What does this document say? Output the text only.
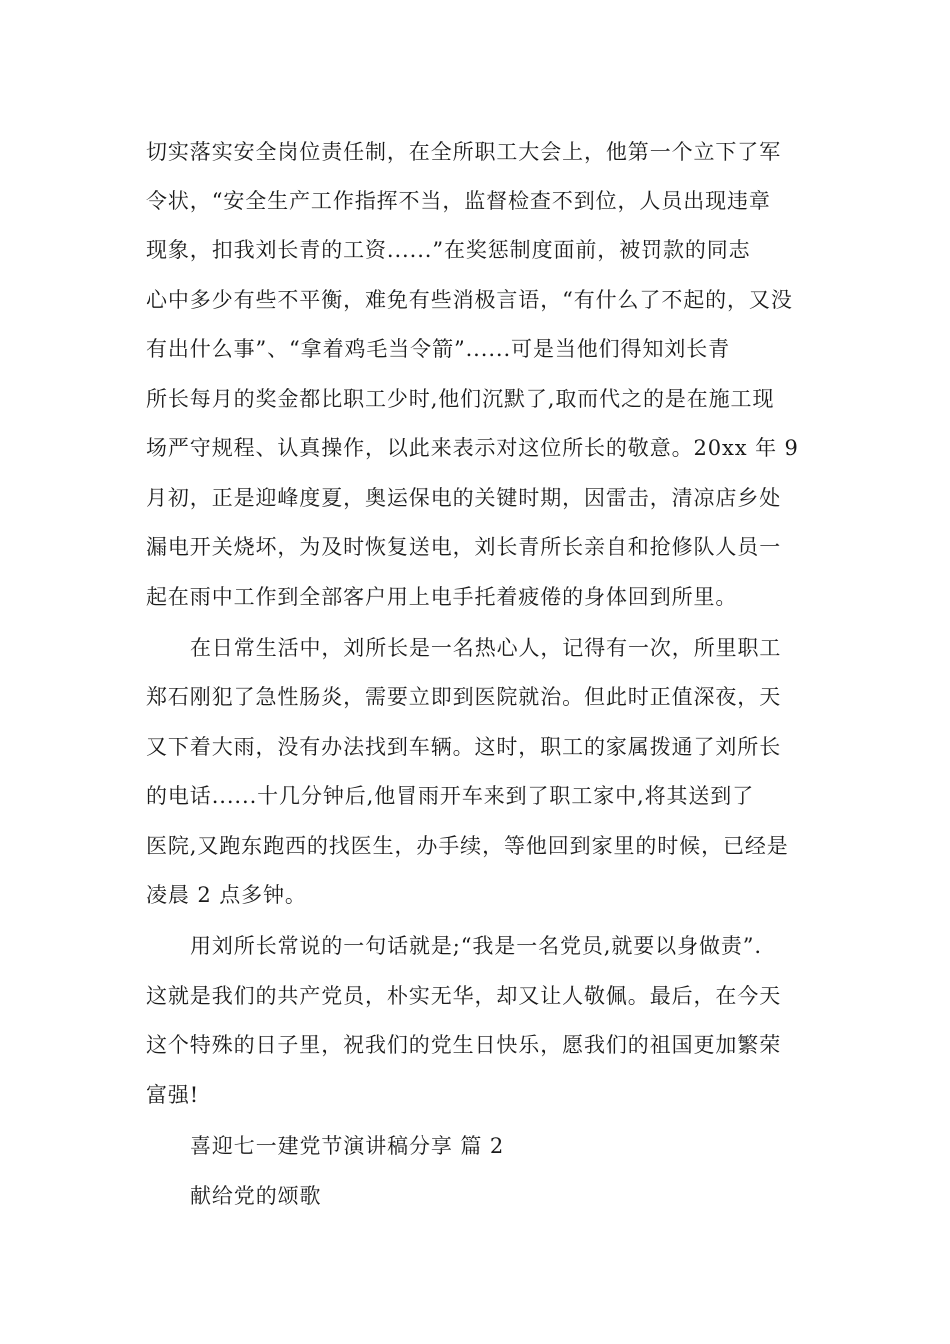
切实落实安全岗位责任制，在全所职工大会上，他第一个立下了军
令状，“安全生产工作指挥不当，监督检查不到位，人员出现违章
现象，扣我刘长青的工资......”在奖惩制度面前，被罚款的同志
心中多少有些不平衡，难免有些消极言语，“有什么了不起的，又没
有出什么事”、“拿着鸡毛当令箭”......可是当他们得知刘长青
所长每月的奖金都比职工少时,他们沉默了,取而代之的是在施工现
场严守规程、认真操作，以此来表示对这位所长的敬意。20xx 年 9
月初，正是迎峰度夏，奥运保电的关键时期，因雷击，清凉店乡处
漏电开关烧坏，为及时恢复送电，刘长青所长亲自和抢修队人员一
起在雨中工作到全部客户用上电手托着疲倦的身体回到所里。
在日常生活中，刘所长是一名热心人，记得有一次，所里职工
郑石刚犯了急性肠炎，需要立即到医院就治。但此时正值深夜，天
又下着大雨，没有办法找到车辆。这时，职工的家属拨通了刘所长
的电话......十几分钟后,他冒雨开车来到了职工家中,将其送到了
医院,又跑东跑西的找医生，办手续，等他回到家里的时候，已经是
凌晨 2 点多钟。
用刘所长常说的一句话就是;“我是一名党员,就要以身做责”.
这就是我们的共产党员，朴实无华，却又让人敬佩。最后，在今天
这个特殊的日子里，祝我们的党生日快乐，愿我们的祖国更加繁荣
富强!
喜迎七一建党节演讲稿分享 篇 2
献给党的颂歌
